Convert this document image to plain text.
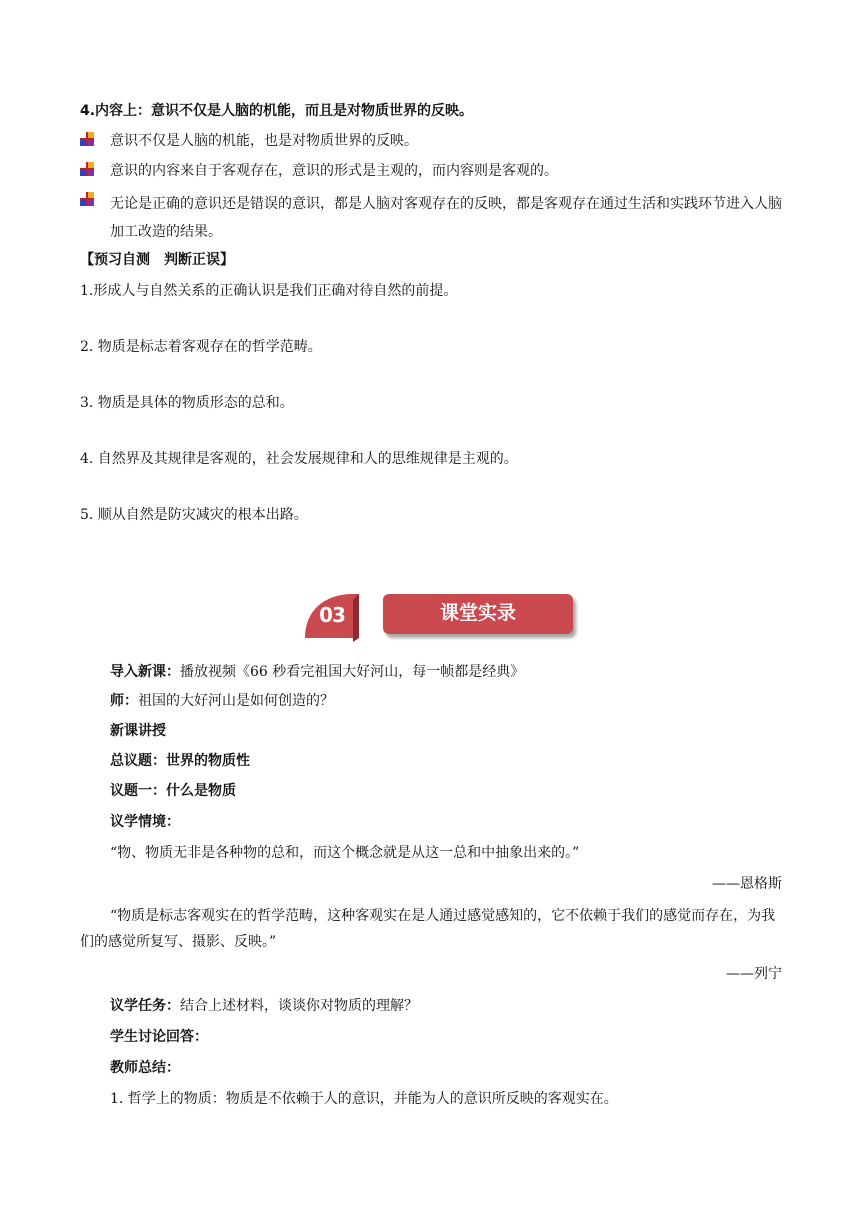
4.内容上：意识不仅是人脑的机能，而且是对物质世界的反映。
意识不仅是人脑的机能，也是对物质世界的反映。
意识的内容来自于客观存在，意识的形式是主观的，而内容则是客观的。
无论是正确的意识还是错误的意识，都是人脑对客观存在的反映，都是客观存在通过生活和实践环节进入人脑加工改造的结果。
【预习自测　判断正误】
1.形成人与自然关系的正确认识是我们正确对待自然的前提。
2. 物质是标志着客观存在的哲学范畴。
3. 物质是具体的物质形态的总和。
4. 自然界及其规律是客观的，社会发展规律和人的思维规律是主观的。
5. 顺从自然是防灾减灾的根本出路。
03	课堂实录
导入新课：播放视频《66 秒看完祖国大好河山，每一帧都是经典》
师：祖国的大好河山是如何创造的？
新课讲授
总议题：世界的物质性
议题一：什么是物质
议学情境：
“物、物质无非是各种物的总和，而这个概念就是从这一总和中抽象出来的。”
——恩格斯
“物质是标志客观实在的哲学范畴，这种客观实在是人通过感觉感知的，它不依赖于我们的感觉而存在，为我们的感觉所复写、摄影、反映。”
——列宁
议学任务：结合上述材料，谈谈你对物质的理解？
学生讨论回答：
教师总结：
1. 哲学上的物质：物质是不依赖于人的意识，并能为人的意识所反映的客观实在。
